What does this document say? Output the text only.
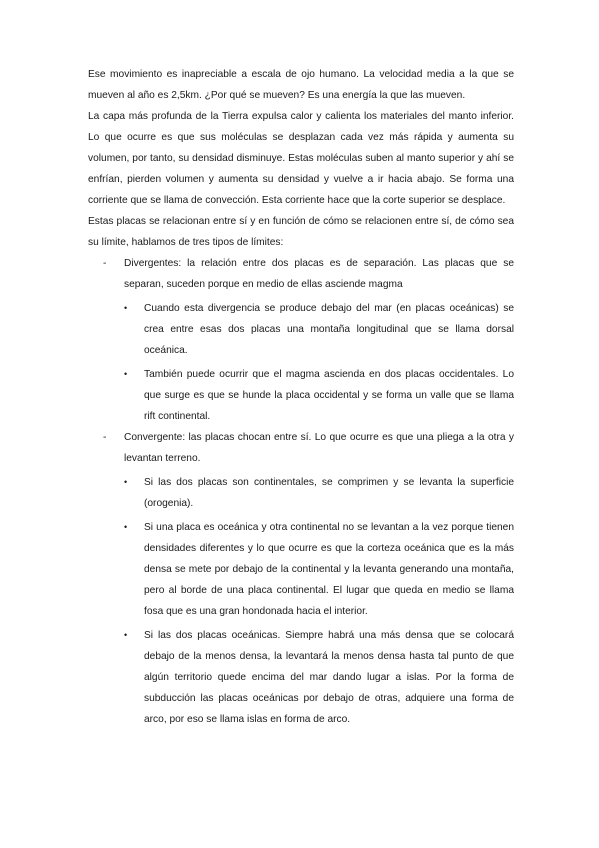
Ese movimiento es inapreciable a escala de ojo humano. La velocidad media a la que se mueven al año es 2,5km. ¿Por qué se mueven? Es una energía la que las mueven.

La capa más profunda de la Tierra expulsa calor y calienta los materiales del manto inferior. Lo que ocurre es que sus moléculas se desplazan cada vez más rápida y aumenta su volumen, por tanto, su densidad disminuye. Estas moléculas suben al manto superior y ahí se enfrían, pierden volumen y aumenta su densidad y vuelve a ir hacia abajo. Se forma una corriente que se llama de convección. Esta corriente hace que la corte superior se desplace.

Estas placas se relacionan entre sí y en función de cómo se relacionen entre sí, de cómo sea su límite, hablamos de tres tipos de límites:

- Divergentes: la relación entre dos placas es de separación. Las placas que se separan, suceden porque en medio de ellas asciende magma

• Cuando esta divergencia se produce debajo del mar (en placas oceánicas) se crea entre esas dos placas una montaña longitudinal que se llama dorsal oceánica.

• También puede ocurrir que el magma ascienda en dos placas occidentales. Lo que surge es que se hunde la placa occidental y se forma un valle que se llama rift continental.

- Convergente: las placas chocan entre sí. Lo que ocurre es que una pliega a la otra y levantan terreno.

• Si las dos placas son continentales, se comprimen y se levanta la superficie (orogenia).

• Si una placa es oceánica y otra continental no se levantan a la vez porque tienen densidades diferentes y lo que ocurre es que la corteza oceánica que es la más densa se mete por debajo de la continental y la levanta generando una montaña, pero al borde de una placa continental. El lugar que queda en medio se llama fosa que es una gran hondonada hacia el interior.

• Si las dos placas oceánicas. Siempre habrá una más densa que se colocará debajo de la menos densa, la levantará la menos densa hasta tal punto de que algún territorio quede encima del mar dando lugar a islas. Por la forma de subducción las placas oceánicas por debajo de otras, adquiere una forma de arco, por eso se llama islas en forma de arco.
